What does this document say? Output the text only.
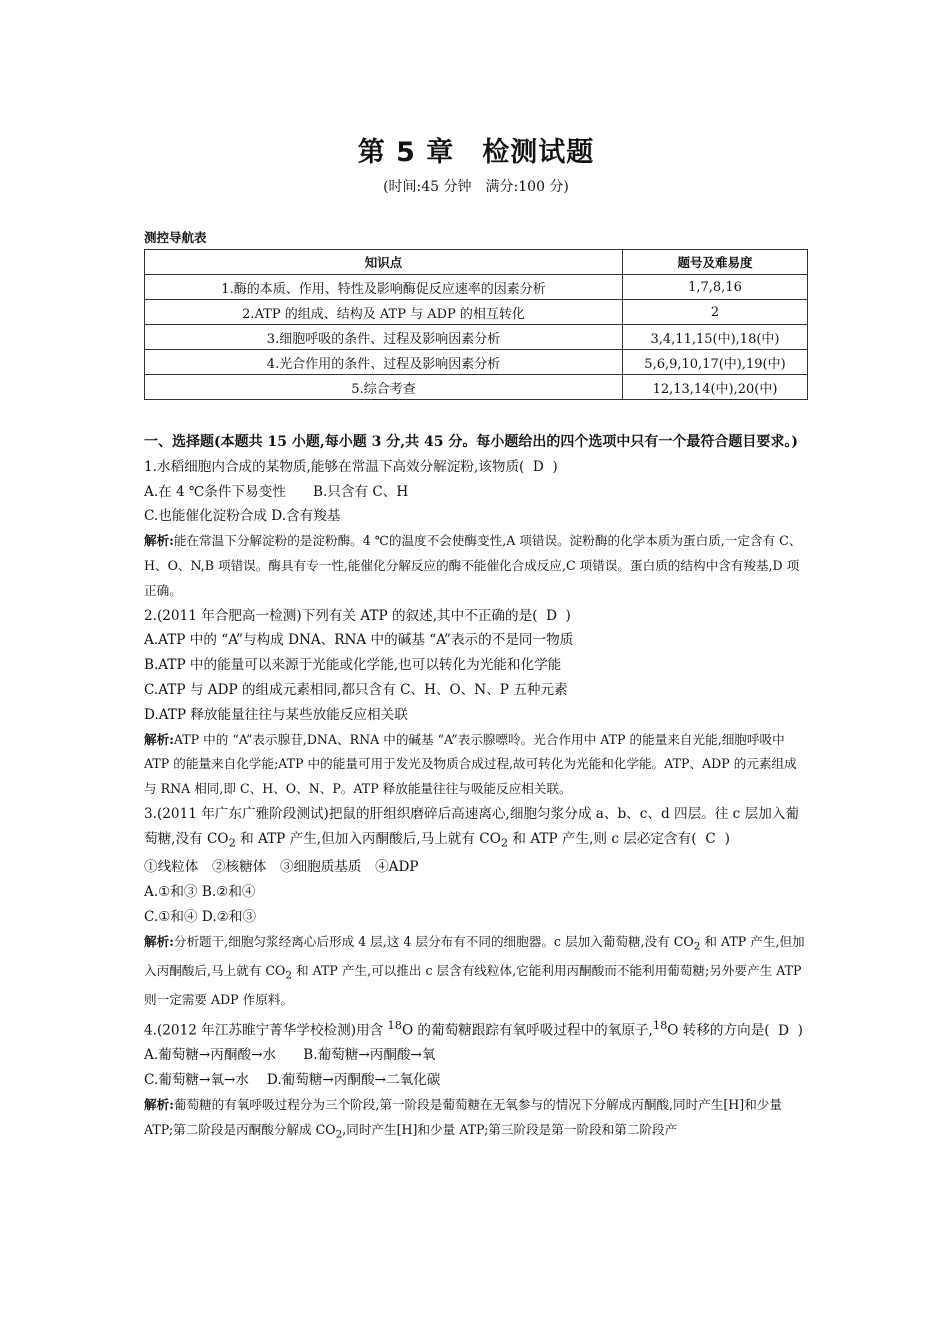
第 5 章　检测试题
(时间:45 分钟　满分:100 分)
测控导航表
知识点	题号及难易度
1.酶的本质、作用、特性及影响酶促反应速率的因素分析	1,7,8,16
2.ATP 的组成、结构及 ATP 与 ADP 的相互转化	2
3.细胞呼吸的条件、过程及影响因素分析	3,4,11,15(中),18(中)
4.光合作用的条件、过程及影响因素分析	5,6,9,10,17(中),19(中)
5.综合考查	12,13,14(中),20(中)

一、选择题(本题共 15 小题,每小题 3 分,共 45 分。每小题给出的四个选项中只有一个最符合题目要求。)

1.水稻细胞内合成的某物质,能够在常温下高效分解淀粉,该物质( D )

A.在 4 ℃条件下易变性　　B.只含有 C、H

C.也能催化淀粉合成 D.含有羧基

解析:能在常温下分解淀粉的是淀粉酶。4 ℃的温度不会使酶变性,A 项错误。淀粉酶的化学本质为蛋白质,一定含有 C、H、O、N,B 项错误。酶具有专一性,能催化分解反应的酶不能催化合成反应,C 项错误。蛋白质的结构中含有羧基,D 项正确。

2.(2011 年合肥高一检测)下列有关 ATP 的叙述,其中不正确的是( D )

A.ATP 中的 “A”与构成 DNA、RNA 中的碱基 “A”表示的不是同一物质

B.ATP 中的能量可以来源于光能或化学能,也可以转化为光能和化学能

C.ATP 与 ADP 的组成元素相同,都只含有 C、H、O、N、P 五种元素

D.ATP 释放能量往往与某些放能反应相关联

解析:ATP 中的 “A”表示腺苷,DNA、RNA 中的碱基 “A”表示腺嘌呤。光合作用中 ATP 的能量来自光能,细胞呼吸中 ATP 的能量来自化学能;ATP 中的能量可用于发光及物质合成过程,故可转化为光能和化学能。ATP、ADP 的元素组成与 RNA 相同,即 C、H、O、N、P。ATP 释放能量往往与吸能反应相关联。

3.(2011 年广东广雅阶段测试)把鼠的肝组织磨碎后高速离心,细胞匀浆分成 a、b、c、d 四层。往 c 层加入葡萄糖,没有 $CO_2$ 和 ATP 产生,但加入丙酮酸后,马上就有 $CO_2$ 和 ATP 产生,则 c 层必定含有( C )

①线粒体　②核糖体　③细胞质基质　④ADP

A.①和③ B.②和④

C.①和④ D.②和③

解析:分析题干,细胞匀浆经离心后形成 4 层,这 4 层分布有不同的细胞器。c 层加入葡萄糖,没有 $CO_2$ 和 ATP 产生,但加入丙酮酸后,马上就有 $CO_2$ 和 ATP 产生,可以推出 c 层含有线粒体,它能利用丙酮酸而不能利用葡萄糖;另外要产生 ATP 则一定需要 ADP 作原料。

4.(2012 年江苏睢宁菁华学校检测)用含 $^{18}$O 的葡萄糖跟踪有氧呼吸过程中的氧原子,$^{18}$O 转移的方向是( D )

A.葡萄糖→丙酮酸→水　　B.葡萄糖→丙酮酸→氧

C.葡萄糖→氧→水　 D.葡萄糖→丙酮酸→二氧化碳

解析:葡萄糖的有氧呼吸过程分为三个阶段,第一阶段是葡萄糖在无氧参与的情况下分解成丙酮酸,同时产生[H]和少量 ATP;第二阶段是丙酮酸分解成 $CO_2$,同时产生[H]和少量 ATP;第三阶段是第一阶段和第二阶段产
